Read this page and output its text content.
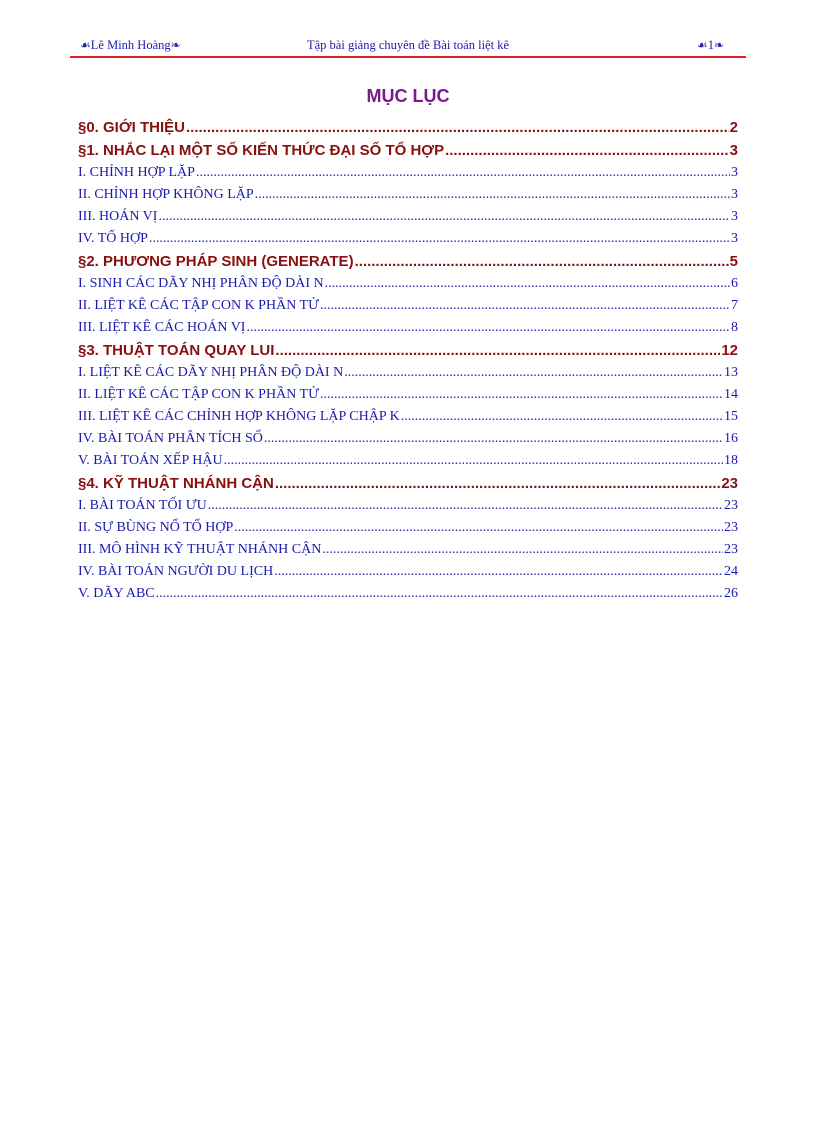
☙Lê Minh Hoàng❧	Tập bài giảng chuyên đề Bài toán liệt kê	☙1❧
MỤC LỤC
§0. GIỚI THIỆU .....	2
§1. NHẮC LẠI MỘT SỐ KIẾN THỨC ĐẠI SỐ TỔ HỢP .....	3
I. CHỈNH HỢP LẶP .....	3
II. CHỈNH HỢP KHÔNG LẶP .....	3
III. HOÁN VỊ .....	3
IV. TỔ HỢP .....	3
§2. PHƯƠNG PHÁP SINH (GENERATE) .....	5
I. SINH CÁC DÃY NHỊ PHÂN ĐỘ DÀI N .....	6
II. LIỆT KÊ CÁC TẬP CON K PHẦN TỬ .....	7
III. LIỆT KÊ CÁC HOÁN VỊ .....	8
§3. THUẬT TOÁN QUAY LUI .....	12
I. LIỆT KÊ CÁC DÃY NHỊ PHÂN ĐỘ DÀI N .....	13
II. LIỆT KÊ CÁC TẬP CON K PHẦN TỬ .....	14
III. LIỆT KÊ CÁC CHỈNH HỢP KHÔNG LẶP CHẬP K .....	15
IV. BÀI TOÁN PHÂN TÍCH SỐ .....	16
V. BÀI TOÁN XẾP HẬU .....	18
§4. KỸ THUẬT NHÁNH CẬN .....	23
I. BÀI TOÁN TỐI ƯU .....	23
II. SỰ BÙNG NỔ TỔ HỢP .....	23
III. MÔ HÌNH KỸ THUẬT NHÁNH CẬN .....	23
IV. BÀI TOÁN NGƯỜI DU LỊCH .....	24
V. DÃY ABC .....	26
